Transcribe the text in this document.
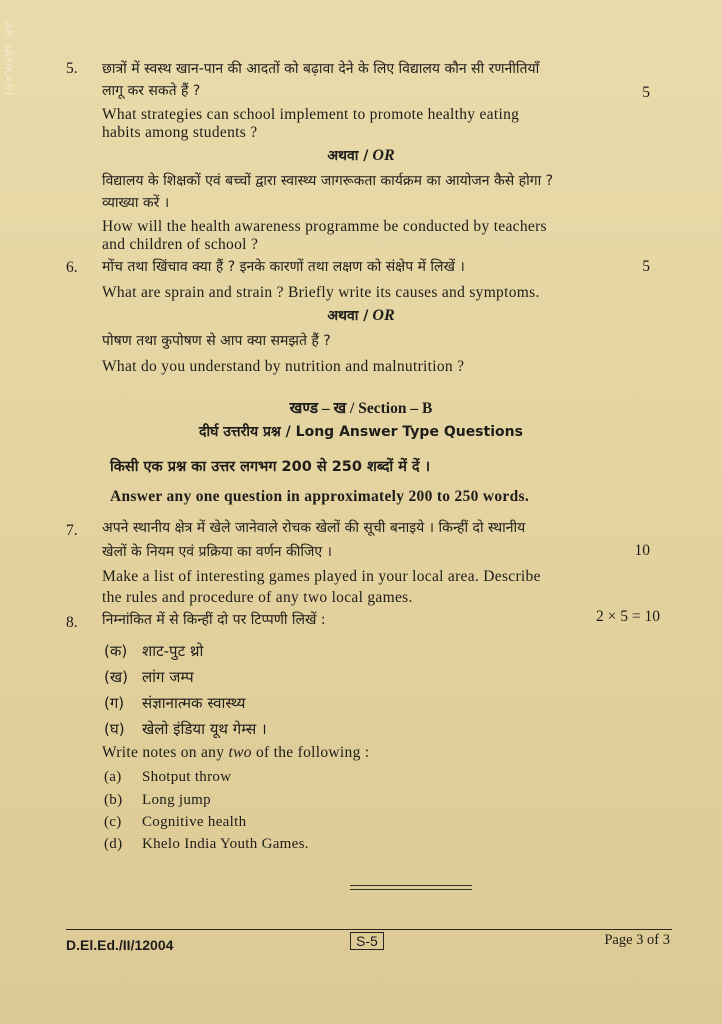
AB JANKARI	5. छात्रों में स्वस्थ खान-पान की आदतों को बढ़ावा देने के लिए विद्यालय कौन सी रणनीतियाँ
लागू कर सकते हैं ?	5
What strategies can school implement to promote healthy eating
habits among students ?
अथवा / OR
विद्यालय के शिक्षकों एवं बच्चों द्वारा स्वास्थ्य जागरूकता कार्यक्रम का आयोजन कैसे होगा ?
व्याख्या करें ।
How will the health awareness programme be conducted by teachers
and children of school ?
6. मोंच तथा खिंचाव क्या हैं ? इनके कारणों तथा लक्षण को संक्षेप में लिखें ।	5
What are sprain and strain ? Briefly write its causes and symptoms.
अथवा / OR
पोषण तथा कुपोषण से आप क्या समझते हैं ?
What do you understand by nutrition and malnutrition ?
खण्ड – ख / Section – B
दीर्घ उत्तरीय प्रश्न / Long Answer Type Questions
किसी एक प्रश्न का उत्तर लगभग 200 से 250 शब्दों में दें ।
Answer any one question in approximately 200 to 250 words.
7. अपने स्थानीय क्षेत्र में खेले जानेवाले रोचक खेलों की सूची बनाइये । किन्हीं दो स्थानीय
खेलों के नियम एवं प्रक्रिया का वर्णन कीजिए ।	10
Make a list of interesting games played in your local area. Describe
the rules and procedure of any two local games.
8. निम्नांकित में से किन्हीं दो पर टिप्पणी लिखें :	2 × 5 = 10
(क) शाट-पुट थ्रो
(ख) लांग जम्प
(ग) संज्ञानात्मक स्वास्थ्य
(घ) खेलो इंडिया यूथ गेम्स ।
Write notes on any two of the following :
(a) Shotput throw
(b) Long jump
(c) Cognitive health
(d) Khelo India Youth Games.
D.El.Ed./II/12004	S-5	Page 3 of 3
